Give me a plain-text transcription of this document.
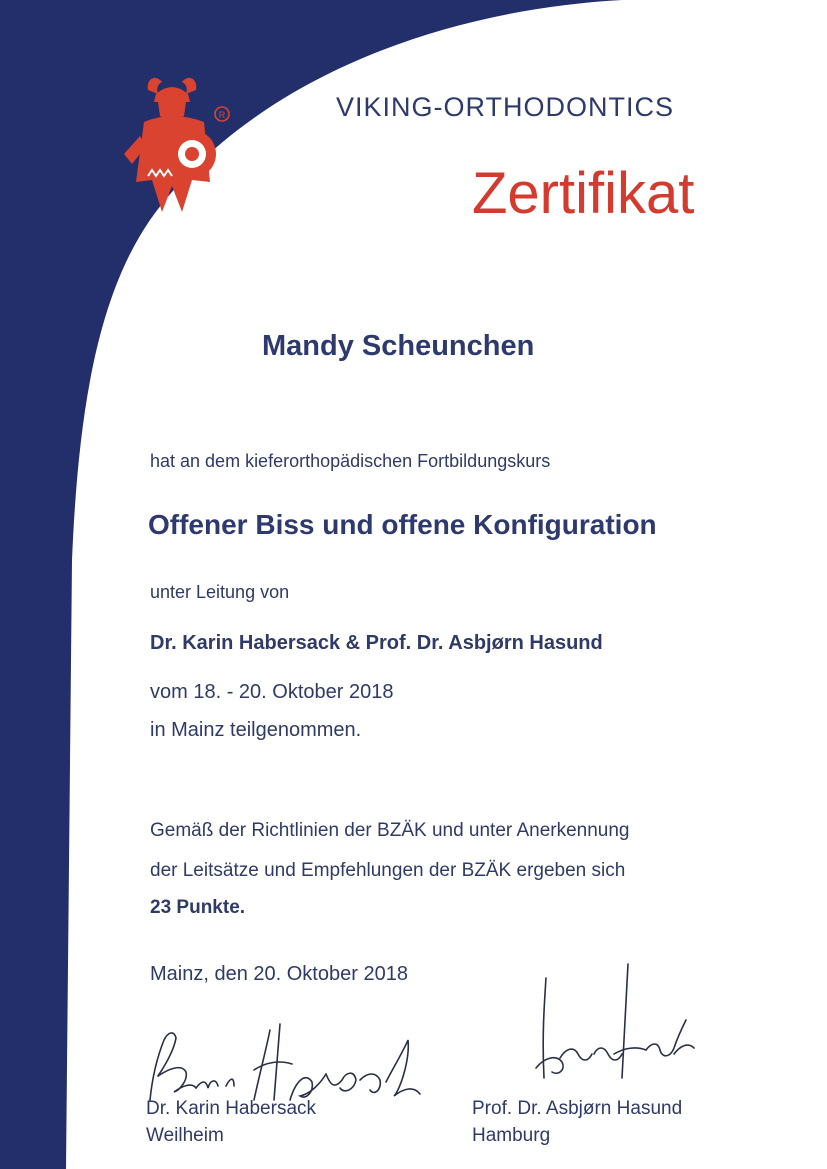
R	VIKING-ORTHODONTICS
Zertifikat
Mandy Scheunchen
hat an dem kieferorthopädischen Fortbildungskurs
Offener Biss und offene Konfiguration
unter Leitung von
Dr. Karin Habersack & Prof. Dr. Asbjørn Hasund
vom 18. - 20. Oktober 2018
in Mainz teilgenommen.
Gemäß der Richtlinien der BZÄK und unter Anerkennung
der Leitsätze und Empfehlungen der BZÄK ergeben sich
23 Punkte.
Mainz, den 20. Oktober 2018
Dr. Karin Habersack
Weilheim
Prof. Dr. Asbjørn Hasund
Hamburg
